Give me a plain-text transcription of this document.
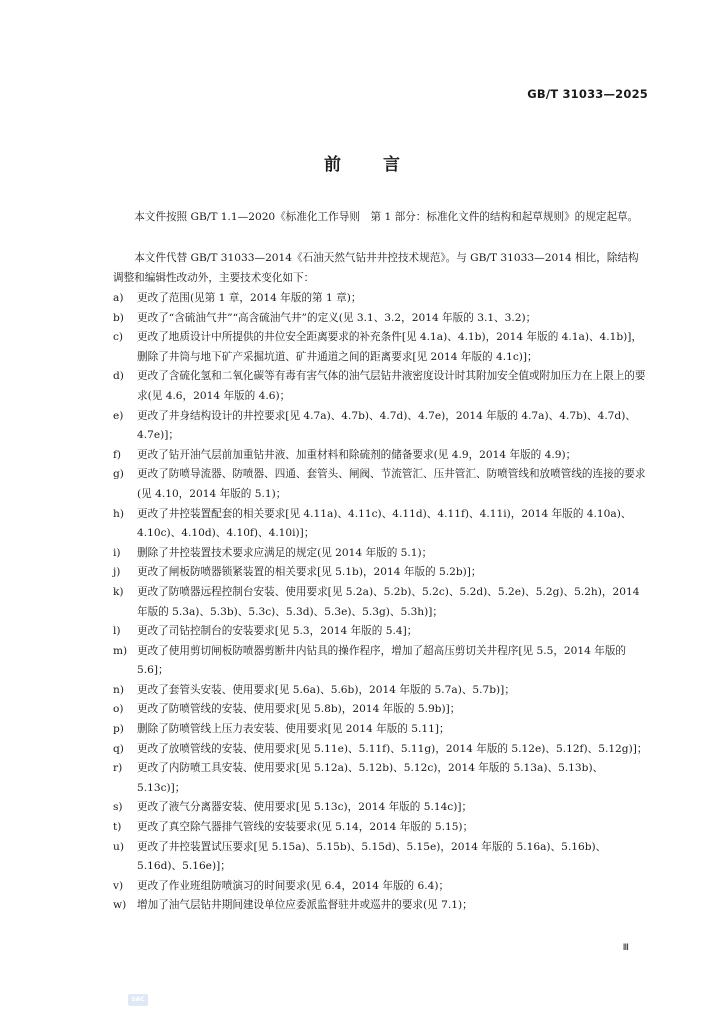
GB/T 31033—2025
前言

本文件按照 GB/T 1.1—2020《标准化工作导则　第 1 部分：标准化文件的结构和起草规则》的规定起草。

本文件代替 GB/T 31033—2014《石油天然气钻井井控技术规范》。与 GB/T 31033—2014 相比，除结构调整和编辑性改动外，主要技术变化如下：

a) 更改了范围(见第 1 章，2014 年版的第 1 章)；

b) 更改了“含硫油气井”“高含硫油气井”的定义(见 3.1、3.2，2014 年版的 3.1、3.2)；

c) 更改了地质设计中所提供的井位安全距离要求的补充条件[见 4.1a)、4.1b)，2014 年版的 4.1a)、4.1b)]，删除了井筒与地下矿产采掘坑道、矿井通道之间的距离要求[见 2014 年版的 4.1c)]；

d) 更改了含硫化氢和二氧化碳等有毒有害气体的油气层钻井液密度设计时其附加安全值或附加压力在上限上的要求(见 4.6，2014 年版的 4.6)；

e) 更改了井身结构设计的井控要求[见 4.7a)、4.7b)、4.7d)、4.7e)，2014 年版的 4.7a)、4.7b)、4.7d)、4.7e)]；

f) 更改了钻开油气层前加重钻井液、加重材料和除硫剂的储备要求(见 4.9，2014 年版的 4.9)；

g) 更改了防喷导流器、防喷器、四通、套管头、闸阀、节流管汇、压井管汇、防喷管线和放喷管线的连接的要求(见 4.10，2014 年版的 5.1)；

h) 更改了井控装置配套的相关要求[见 4.11a)、4.11c)、4.11d)、4.11f)、4.11i)，2014 年版的 4.10a)、4.10c)、4.10d)、4.10f)、4.10i)]；

i) 删除了井控装置技术要求应满足的规定(见 2014 年版的 5.1)；

j) 更改了闸板防喷器锁紧装置的相关要求[见 5.1b)，2014 年版的 5.2b)]；

k) 更改了防喷器远程控制台安装、使用要求[见 5.2a)、5.2b)、5.2c)、5.2d)、5.2e)、5.2g)、5.2h)，2014 年版的 5.3a)、5.3b)、5.3c)、5.3d)、5.3e)、5.3g)、5.3h)]；

l) 更改了司钻控制台的安装要求[见 5.3，2014 年版的 5.4]；

m) 更改了使用剪切闸板防喷器剪断井内钻具的操作程序，增加了超高压剪切关井程序[见 5.5，2014 年版的 5.6]；

n) 更改了套管头安装、使用要求[见 5.6a)、5.6b)，2014 年版的 5.7a)、5.7b)]；

o) 更改了防喷管线的安装、使用要求[见 5.8b)，2014 年版的 5.9b)]；

p) 删除了防喷管线上压力表安装、使用要求[见 2014 年版的 5.11]；

q) 更改了放喷管线的安装、使用要求[见 5.11e)、5.11f)、5.11g)，2014 年版的 5.12e)、5.12f)、5.12g)]；

r) 更改了内防喷工具安装、使用要求[见 5.12a)、5.12b)、5.12c)，2014 年版的 5.13a)、5.13b)、5.13c)]；

s) 更改了液气分离器安装、使用要求[见 5.13c)，2014 年版的 5.14c)]；

t) 更改了真空除气器排气管线的安装要求(见 5.14，2014 年版的 5.15)；

u) 更改了井控装置试压要求[见 5.15a)、5.15b)、5.15d)、5.15e)，2014 年版的 5.16a)、5.16b)、5.16d)、5.16e)]；

v) 更改了作业班组防喷演习的时间要求(见 6.4，2014 年版的 6.4)；

w) 增加了油气层钻井期间建设单位应委派监督驻井或巡井的要求(见 7.1)；

Ⅲ
SAC
